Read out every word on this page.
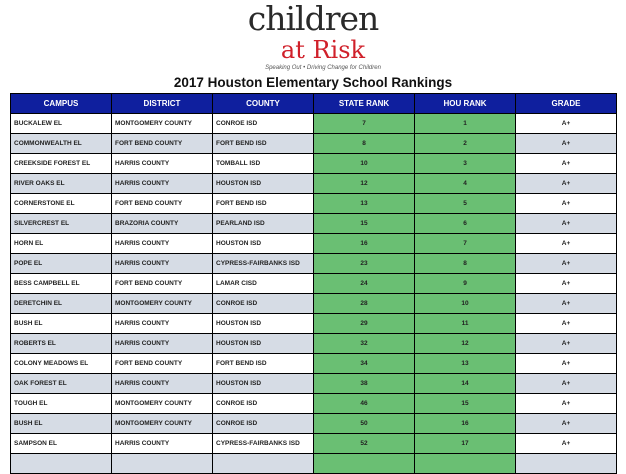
children
at Risk
Speaking Out • Driving Change for Children
2017 Houston Elementary School Rankings
CAMPUS	DISTRICT	COUNTY	STATE RANK	HOU RANK	GRADE
BUCKALEW EL	MONTGOMERY COUNTY	CONROE ISD	7	1	A+
COMMONWEALTH EL	FORT BEND COUNTY	FORT BEND ISD	8	2	A+
CREEKSIDE FOREST EL	HARRIS COUNTY	TOMBALL ISD	10	3	A+
RIVER OAKS EL	HARRIS COUNTY	HOUSTON ISD	12	4	A+
CORNERSTONE EL	FORT BEND COUNTY	FORT BEND ISD	13	5	A+
SILVERCREST EL	BRAZORIA COUNTY	PEARLAND ISD	15	6	A+
HORN EL	HARRIS COUNTY	HOUSTON ISD	16	7	A+
POPE EL	HARRIS COUNTY	CYPRESS-FAIRBANKS ISD	23	8	A+
BESS CAMPBELL EL	FORT BEND COUNTY	LAMAR CISD	24	9	A+
DERETCHIN EL	MONTGOMERY COUNTY	CONROE ISD	28	10	A+
BUSH EL	HARRIS COUNTY	HOUSTON ISD	29	11	A+
ROBERTS EL	HARRIS COUNTY	HOUSTON ISD	32	12	A+
COLONY MEADOWS EL	FORT BEND COUNTY	FORT BEND ISD	34	13	A+
OAK FOREST EL	HARRIS COUNTY	HOUSTON ISD	38	14	A+
TOUGH EL	MONTGOMERY COUNTY	CONROE ISD	46	15	A+
BUSH EL	MONTGOMERY COUNTY	CONROE ISD	50	16	A+
SAMPSON EL	HARRIS COUNTY	CYPRESS-FAIRBANKS ISD	52	17	A+
